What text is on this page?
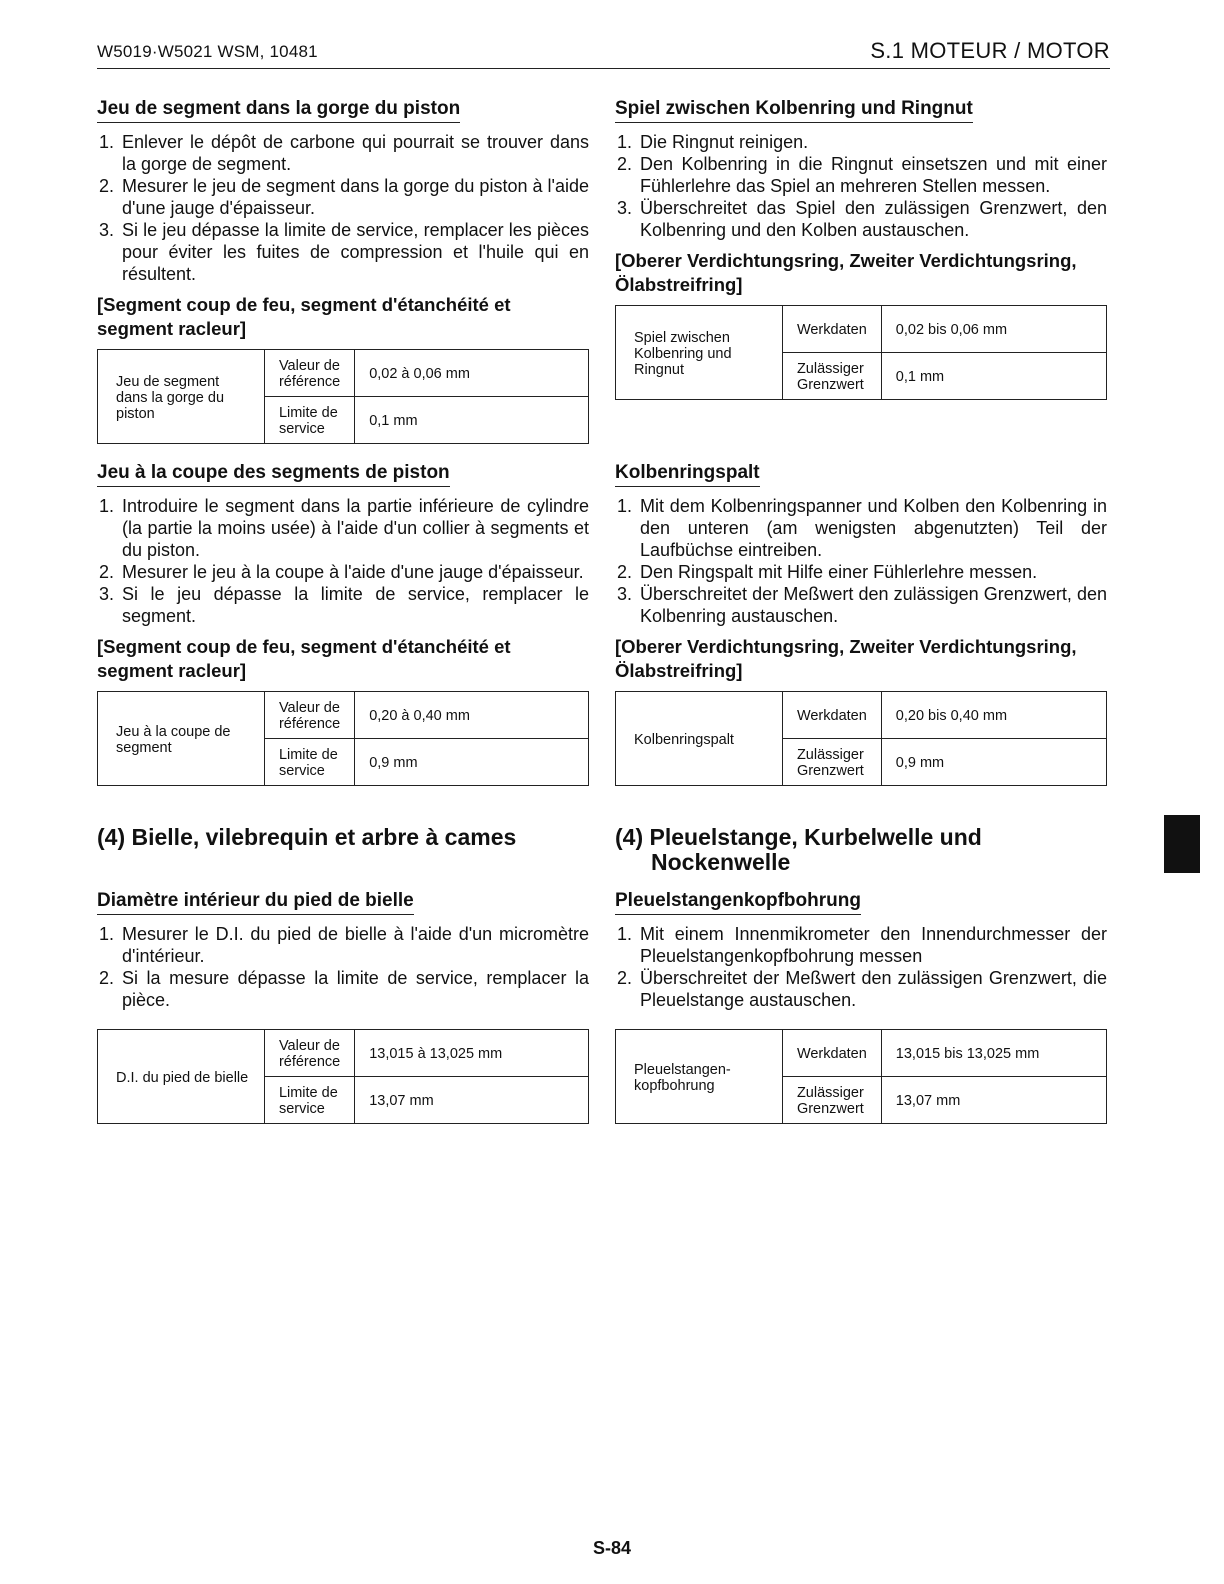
W5019·W5021 WSM, 10481	S.1 MOTEUR / MOTOR
Jeu de segment dans la gorge du piston
1. Enlever le dépôt de carbone qui pourrait se trouver dans la gorge de segment.
2. Mesurer le jeu de segment dans la gorge du piston à l'aide d'une jauge d'épaisseur.
3. Si le jeu dépasse la limite de service, remplacer les pièces pour éviter les fuites de compression et l'huile qui en résultent.
[Segment coup de feu, segment d'étanchéité et segment racleur]
Jeu de segment dans la gorge du piston	Valeur de référence	0,02 à 0,06 mm
	Limite de service	0,1 mm
Jeu à la coupe des segments de piston
1. Introduire le segment dans la partie inférieure de cylindre (la partie la moins usée) à l'aide d'un collier à segments et du piston.
2. Mesurer le jeu à la coupe à l'aide d'une jauge d'épaisseur.
3. Si le jeu dépasse la limite de service, remplacer le segment.
[Segment coup de feu, segment d'étanchéité et segment racleur]
Jeu à la coupe de segment	Valeur de référence	0,20 à 0,40 mm
	Limite de service	0,9 mm
(4) Bielle, vilebrequin et arbre à cames
Diamètre intérieur du pied de bielle
1. Mesurer le D.I. du pied de bielle à l'aide d'un micromètre d'intérieur.
2. Si la mesure dépasse la limite de service, remplacer la pièce.
D.I. du pied de bielle	Valeur de référence	13,015 à 13,025 mm
	Limite de service	13,07 mm
Spiel zwischen Kolbenring und Ringnut
1. Die Ringnut reinigen.
2. Den Kolbenring in die Ringnut einsetszen und mit einer Fühlerlehre das Spiel an mehreren Stellen messen.
3. Überschreitet das Spiel den zulässigen Grenzwert, den Kolbenring und den Kolben austauschen.
[Oberer Verdichtungsring, Zweiter Verdichtungsring, Ölabstreifring]
Spiel zwischen Kolbenring und Ringnut	Werkdaten	0,02 bis 0,06 mm
	Zulässiger Grenzwert	0,1 mm
Kolbenringspalt
1. Mit dem Kolbenringspanner und Kolben den Kolbenring in den unteren (am wenigsten abgenutzten) Teil der Laufbüchse eintreiben.
2. Den Ringspalt mit Hilfe einer Fühlerlehre messen.
3. Überschreitet der Meßwert den zulässigen Grenzwert, den Kolbenring austauschen.
[Oberer Verdichtungsring, Zweiter Verdichtungsring, Ölabstreifring]
Kolbenringspalt	Werkdaten	0,20 bis 0,40 mm
	Zulässiger Grenzwert	0,9 mm
(4) Pleuelstange, Kurbelwelle und
Nockenwelle
Pleuelstangenkopfbohrung
1. Mit einem Innenmikrometer den Innendurchmesser der Pleuelstangenkopfbohrung messen
2. Überschreitet der Meßwert den zulässigen Grenzwert, die Pleuelstange austauschen.
Pleuelstangen-kopfbohrung	Werkdaten	13,015 bis 13,025 mm
	Zulässiger Grenzwert	13,07 mm
S-84
